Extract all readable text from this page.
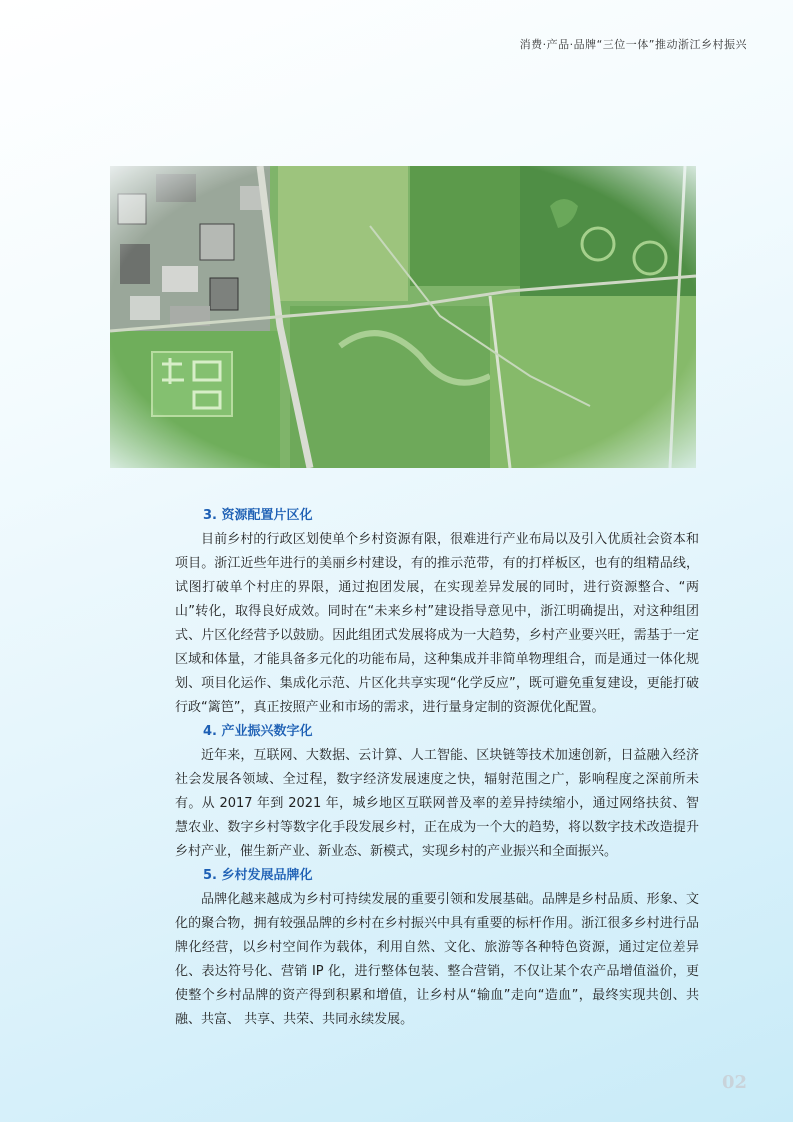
消费·产品·品牌“三位一体”推动浙江乡村振兴

3. 资源配置片区化

目前乡村的行政区划使单个乡村资源有限，很难进行产业布局以及引入优质社会资本和项目。浙江近些年进行的美丽乡村建设，有的推示范带，有的打样板区，也有的组精品线，试图打破单个村庄的界限，通过抱团发展，在实现差异发展的同时，进行资源整合、“两山”转化，取得良好成效。同时在“未来乡村”建设指导意见中，浙江明确提出，对这种组团式、片区化经营予以鼓励。因此组团式发展将成为一大趋势，乡村产业要兴旺，需基于一定区域和体量，才能具备多元化的功能布局，这种集成并非简单物理组合，而是通过一体化规划、项目化运作、集成化示范、片区化共享实现“化学反应”，既可避免重复建设，更能打破行政“篱笆”，真正按照产业和市场的需求，进行量身定制的资源优化配置。

4. 产业振兴数字化

近年来，互联网、大数据、云计算、人工智能、区块链等技术加速创新，日益融入经济社会发展各领域、全过程，数字经济发展速度之快，辐射范围之广，影响程度之深前所未有。从 2017 年到 2021 年，城乡地区互联网普及率的差异持续缩小，通过网络扶贫、智慧农业、数字乡村等数字化手段发展乡村，正在成为一个大的趋势，将以数字技术改造提升乡村产业，催生新产业、新业态、新模式，实现乡村的产业振兴和全面振兴。

5. 乡村发展品牌化

品牌化越来越成为乡村可持续发展的重要引领和发展基础。品牌是乡村品质、形象、文化的聚合物，拥有较强品牌的乡村在乡村振兴中具有重要的标杆作用。浙江很多乡村进行品牌化经营，以乡村空间作为载体，利用自然、文化、旅游等各种特色资源，通过定位差异化、表达符号化、营销 IP 化，进行整体包装、整合营销，不仅让某个农产品增值溢价，更使整个乡村品牌的资产得到积累和增值，让乡村从“输血”走向“造血”，最终实现共创、共融、共富、 共享、共荣、共同永续发展。

02
